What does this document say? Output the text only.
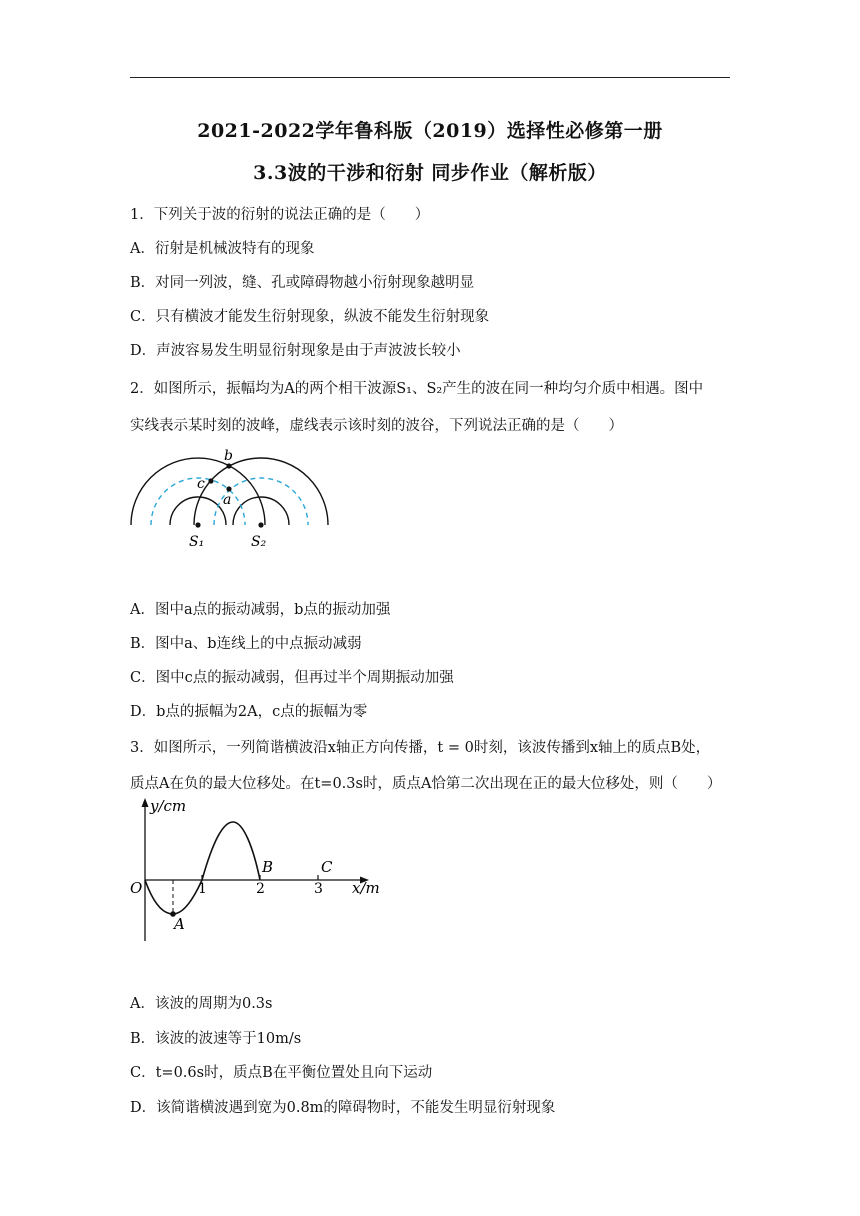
2021-2022学年鲁科版（2019）选择性必修第一册
3.3波的干涉和衍射 同步作业（解析版）
1．下列关于波的衍射的说法正确的是（　　）
A．衍射是机械波特有的现象
B．对同一列波，缝、孔或障碍物越小衍射现象越明显
C．只有横波才能发生衍射现象，纵波不能发生衍射现象
D．声波容易发生明显衍射现象是由于声波波长较小
2．如图所示，振幅均为A的两个相干波源S₁、S₂产生的波在同一种均匀介质中相遇。图中
实线表示某时刻的波峰，虚线表示该时刻的波谷，下列说法正确的是（　　）
b
c
a
S₁	S₂
A．图中a点的振动减弱，b点的振动加强
B．图中a、b连线上的中点振动减弱
C．图中c点的振动减弱，但再过半个周期振动加强
D．b点的振幅为2A，c点的振幅为零
3．如图所示，一列简谐横波沿x轴正方向传播，t = 0时刻，该波传播到x轴上的质点B处，
质点A在负的最大位移处。在t=0.3s时，质点A恰第二次出现在正的最大位移处，则（　　）
y/cm
x/m
O	1	2	3
A
B	C
A．该波的周期为0.3s
B．该波的波速等于10m/s
C．t=0.6s时，质点B在平衡位置处且向下运动
D．该简谐横波遇到宽为0.8m的障碍物时，不能发生明显衍射现象
